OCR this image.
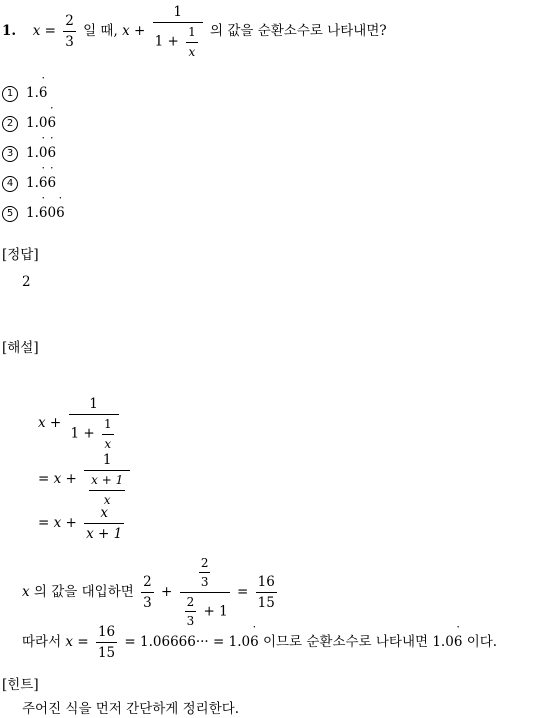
1. $x = \frac{2}{3}$ 일 때, $x + \frac{1}{1 + \frac{1}{x}}$ 의 값을 순환소수로 나타내면?
1 1.6 ˙
2 1.06 ˙
3 1.0 ˙6 ˙
4 1.6 ˙6 ˙
5 1.6 ˙06 ˙
[정답]
2
[해설]
$x + \frac{1}{1 + \frac{1}{x}}$
= $x + \frac{1}{\frac{x + 1}{x}}$
= $x + \frac{x}{x + 1}$
x 의 값을 대입하면 $\frac{2}{3} + \frac{\frac{2}{3}}{\frac{2}{3} + 1} = \frac{16}{15}$
따라서 $x = \frac{16}{15} = 1.06666\cdot\cdot\cdot = 1.06$ ˙ 이므로 순환소수로 나타내면 1.06 ˙ 이다.
[힌트]
주어진 식을 먼저 간단하게 정리한다.
